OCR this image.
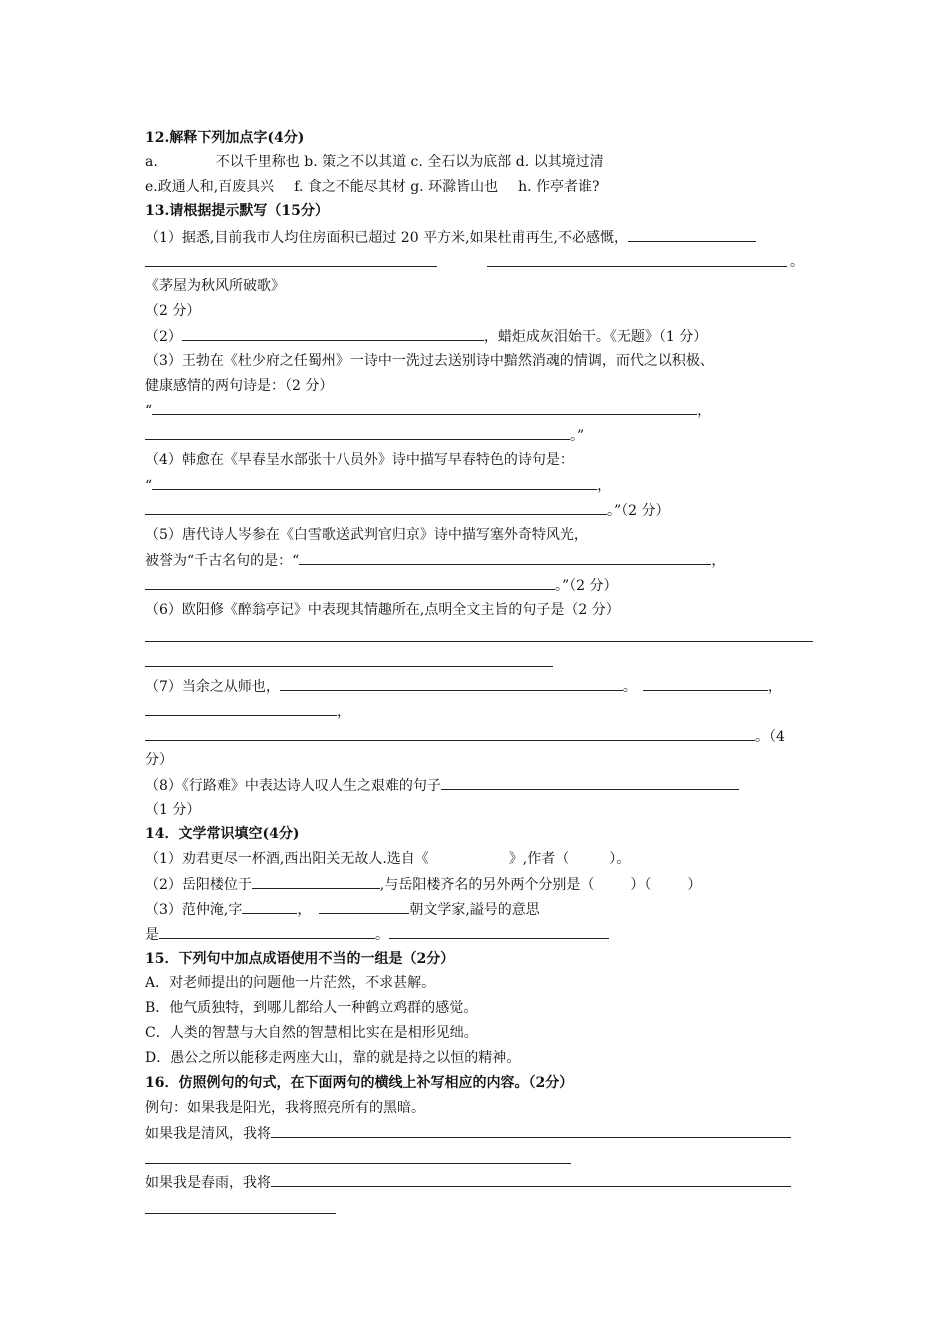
12.解释下列加点字(4分)
a.	不以千里称也 b. 策之不以其道 c. 全石以为底部 d. 以其境过清
e.政通人和,百废具兴 f. 食之不能尽其材 g. 环滁皆山也 h. 作亭者谁?
13.请根据提示默写（15分）
（1）据悉,目前我市人均住房面积已超过 20 平方米,如果杜甫再生,不必感慨，
。
《茅屋为秋风所破歌》
（2 分）
（2）	，蜡炬成灰泪始干。《无题》（1 分）
（3）王勃在《杜少府之任蜀州》一诗中一洗过去送别诗中黯然消魂的情调，而代之以积极、
健康感情的两句诗是：（2 分）
“	，
。”
（4）韩愈在《早春呈水部张十八员外》诗中描写早春特色的诗句是：
“	，
。”（2 分）
（5）唐代诗人岑参在《白雪歌送武判官归京》诗中描写塞外奇特风光，
被誉为“千古名句的是：“	，
。”（2 分）
（6）欧阳修《醉翁亭记》中表现其情趣所在,点明全文主旨的句子是（2 分）
（7）当余之从师也，	。	，
，
。（4
分）
（8）《行路难》中表达诗人叹人生之艰难的句子
（1 分）
14．文学常识填空(4分)
（1）劝君更尽一杯酒,西出阳关无故人.选自《	》,作者（	）。
（2）岳阳楼位于	,与岳阳楼齐名的另外两个分别是（	）（	）
（3）范仲淹,字	，	朝文学家,謚号的意思
是	。
15．下列句中加点成语使用不当的一组是（2分）
A．对老师提出的问题他一片茫然，不求甚解。
B．他气质独特，到哪儿都给人一种鹤立鸡群的感觉。
C．人类的智慧与大自然的智慧相比实在是相形见绌。
D．愚公之所以能移走两座大山，靠的就是持之以恒的精神。
16．仿照例句的句式，在下面两句的横线上补写相应的内容。（2分）
例句：如果我是阳光，我将照亮所有的黑暗。
如果我是清风，我将
如果我是春雨，我将
